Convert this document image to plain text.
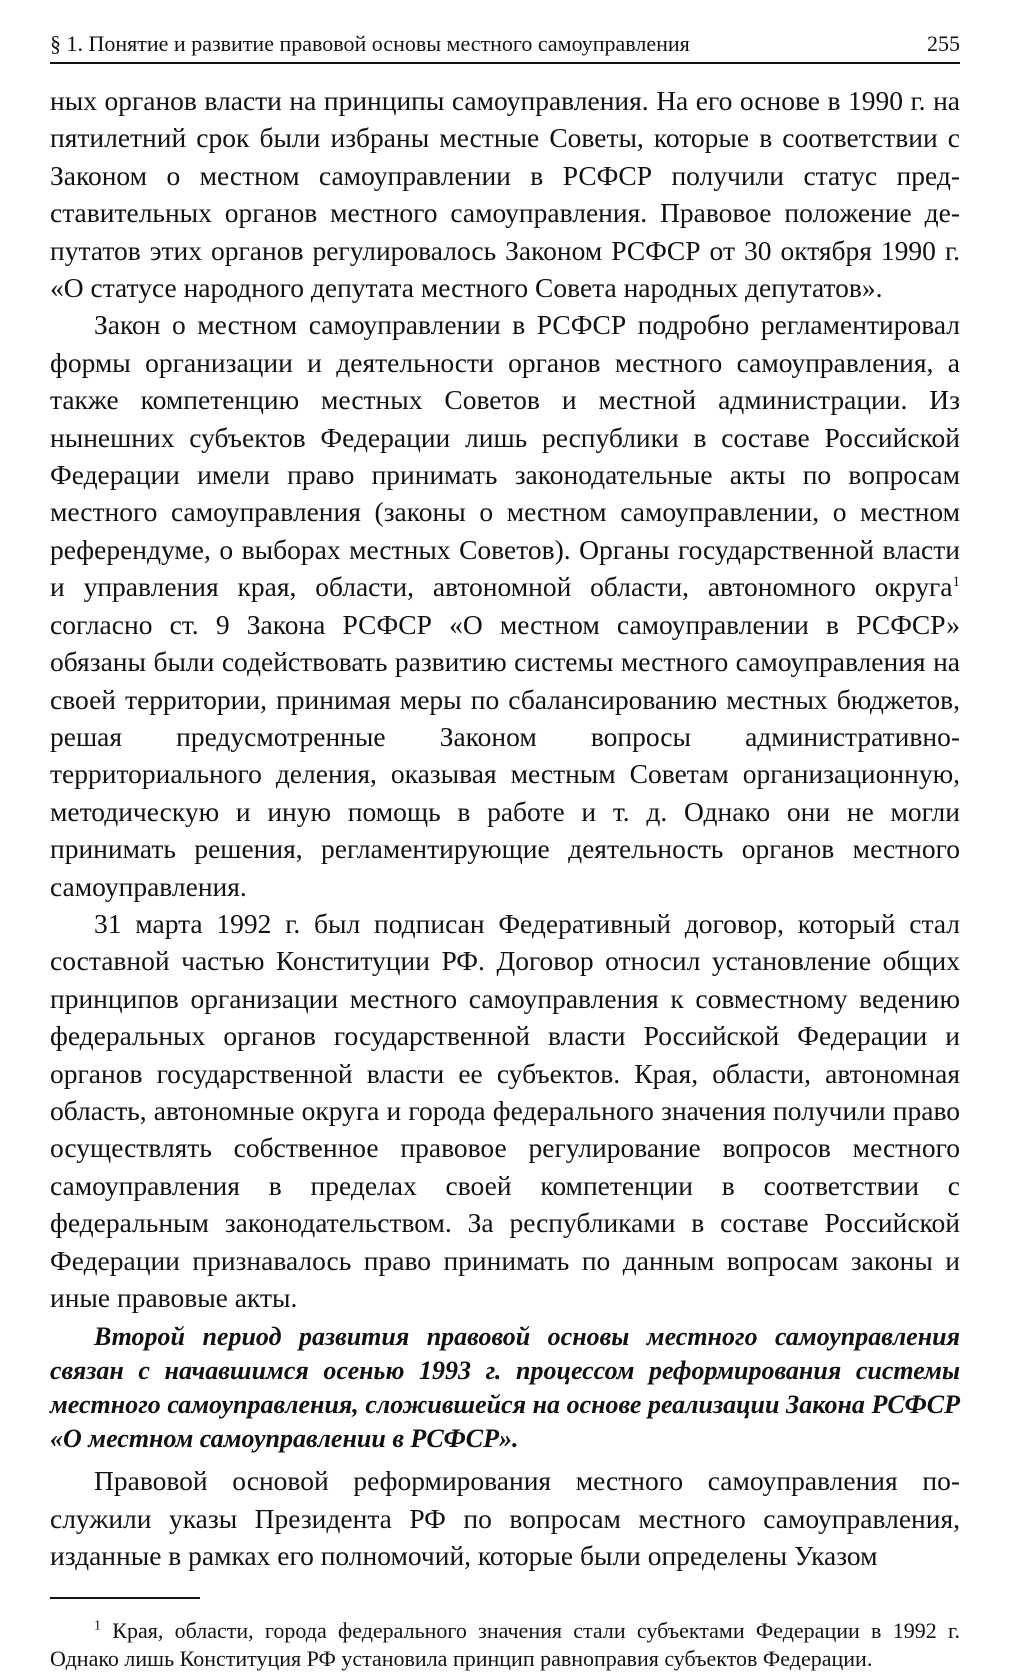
§ 1. Понятие и развитие правовой основы местного самоуправления	255

ных органов власти на принципы самоуправления. На его основе в 1990 г. на пятилетний срок были избраны местные Советы, которые в соответствии с Законом о местном самоуправлении в РСФСР получили статус представительных органов местного самоуправления. Правовое положение депутатов этих органов регулировалось Законом РСФСР от 30 октября 1990 г. «О статусе народного депутата местного Совета народных депутатов».

Закон о местном самоуправлении в РСФСР подробно регламентировал формы организации и деятельности органов местного самоуправления, а также компетенцию местных Советов и местной администрации. Из нынешних субъектов Федерации лишь республики в составе Российской Федерации имели право принимать законодательные акты по вопросам местного самоуправления (законы о местном самоуправлении, о местном референдуме, о выборах местных Советов). Органы государственной власти и управления края, области, автономной области, автономного округа$^1$ согласно ст. 9 Закона РСФСР «О местном самоуправлении в РСФСР» обязаны были содействовать развитию системы местного самоуправления на своей территории, принимая меры по сбалансированию местных бюджетов, решая предусмотренные Законом вопросы административно-территориального деления, оказывая местным Советам организационную, методическую и иную помощь в работе и т. д. Однако они не могли принимать решения, регламентирующие деятельность органов местного самоуправления.

31 марта 1992 г. был подписан Федеративный договор, который стал составной частью Конституции РФ. Договор относил установление общих принципов организации местного самоуправления к совместному ведению федеральных органов государственной власти Российской Федерации и органов государственной власти ее субъектов. Края, области, автономная область, автономные округа и города федерального значения получили право осуществлять собственное правовое регулирование вопросов местного самоуправления в пределах своей компетенции в соответствии с федеральным законодательством. За республиками в составе Российской Федерации признавалось право принимать по данным вопросам законы и иные правовые акты.

Второй период развития правовой основы местного самоуправления связан с начавшимся осенью 1993 г. процессом реформирования системы местного самоуправления, сложившейся на основе реализации Закона РСФСР «О местном самоуправлении в РСФСР».

Правовой основой реформирования местного самоуправления послужили указы Президента РФ по вопросам местного самоуправления, изданные в рамках его полномочий, которые были определены Указом

$^1$ Края, области, города федерального значения стали субъектами Федерации в 1992 г. Однако лишь Конституция РФ установила принцип равноправия субъектов Федерации.
